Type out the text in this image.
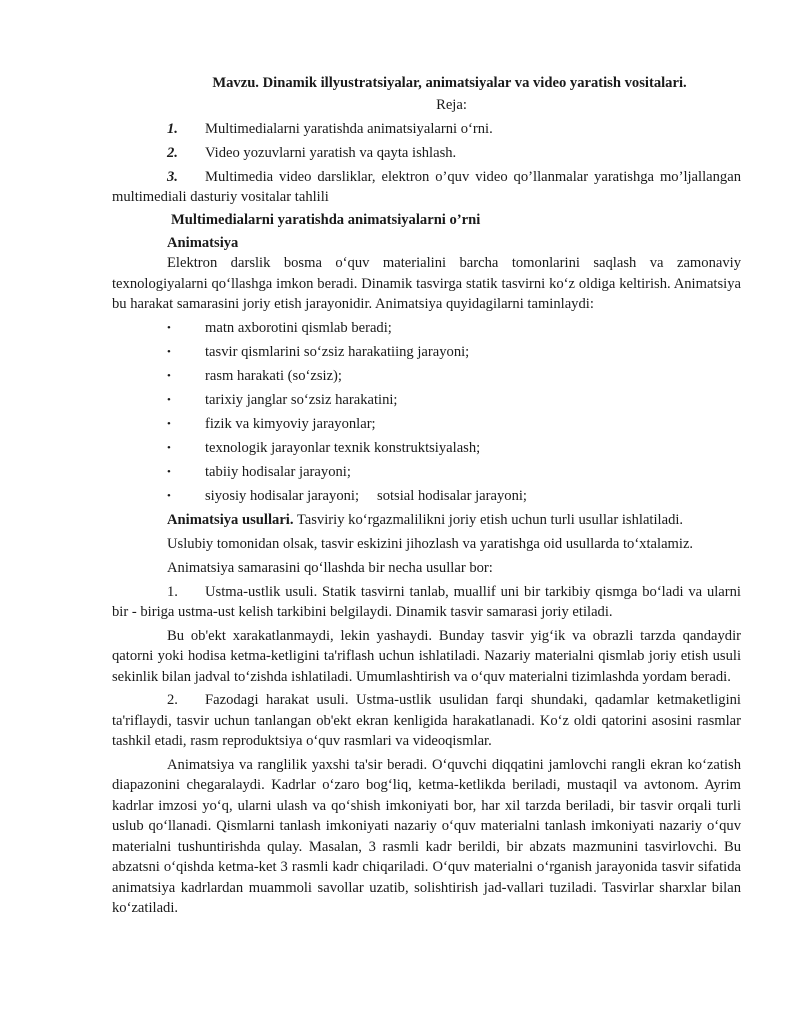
Mavzu. Dinamik illyustratsiyalar, animatsiyalar va video yaratish vositalari.

Reja:

1.	Multimedialarni yaratishda animatsiyalarni o‘rni.
2.	Video yozuvlarni yaratish va qayta ishlash.

3. Multimedia video darsliklar, elektron o’quv video qo’llanmalar yaratishga mo’ljallangan multimediali dasturiy vositalar tahlili

Multimedialarni yaratishda animatsiyalarni o’rni

Animatsiya

Elektron darslik bosma o‘quv materialini barcha tomonlarini saqlash va zamonaviy texnologiyalarni qo‘llashga imkon beradi. Dinamik tasvirga statik tasvirni ko‘z oldiga keltirish. Animatsiya bu harakat samarasini joriy etish jarayonidir. Animatsiya quyidagilarni taminlaydi:

•	matn axborotini qismlab beradi;
•	tasvir qismlarini so‘zsiz harakatiing jarayoni;
•	rasm harakati (so‘zsiz);
•	tarixiy janglar so‘zsiz harakatini;
•	fizik va kimyoviy jarayonlar;
•	texnologik jarayonlar texnik konstruktsiyalash;
•	tabiiy hodisalar jarayoni;
•	siyosiy hodisalar jarayoni; sotsial hodisalar jarayoni;

Animatsiya usullari. Tasviriy ko‘rgazmalilikni joriy etish uchun turli usullar ishlatiladi.

Uslubiy tomonidan olsak, tasvir eskizini jihozlash va yaratishga oid usullarda to‘xtalamiz.

Animatsiya samarasini qo‘llashda bir necha usullar bor:

1. Ustma-ustlik usuli. Statik tasvirni tanlab, muallif uni bir tarkibiy qismga bo‘ladi va ularni bir - biriga ustma-ust kelish tarkibini belgilaydi. Dinamik tasvir samarasi joriy etiladi.

Bu ob'ekt xarakatlanmaydi, lekin yashaydi. Bunday tasvir yig‘ik va obrazli tarzda qandaydir qatorni yoki hodisa ketma-ketligini ta'riflash uchun ishlatiladi. Nazariy materialni qismlab joriy etish usuli sekinlik bilan jadval to‘zishda ishlatiladi. Umumlashtirish va o‘quv materialni tizimlashda yordam beradi.

2. Fazodagi harakat usuli. Ustma-ustlik usulidan farqi shundaki, qadamlar ketmaketligini ta'riflaydi, tasvir uchun tanlangan ob'ekt ekran kenligida harakatlanadi. Ko‘z oldi qatorini asosini rasmlar tashkil etadi, rasm reproduktsiya o‘quv rasmlari va videoqismlar.

Animatsiya va ranglilik yaxshi ta'sir beradi. O‘quvchi diqqatini jamlovchi rangli ekran ko‘zatish diapazonini chegaralaydi. Kadrlar o‘zaro bog‘liq, ketma-ketlikda beriladi, mustaqil va avtonom. Ayrim kadrlar imzosi yo‘q, ularni ulash va qo‘shish imkoniyati bor, har xil tarzda beriladi, bir tasvir orqali turli uslub qo‘llanadi. Qismlarni tanlash imkoniyati nazariy o‘quv materialni tanlash imkoniyati nazariy o‘quv materialni tushuntirishda qulay. Masalan, 3 rasmli kadr berildi, bir abzats mazmunini tasvirlovchi. Bu abzatsni o‘qishda ketma-ket 3 rasmli kadr chiqariladi. O‘quv materialni o‘rganish jarayonida tasvir sifatida animatsiya kadrlardan muammoli savollar uzatib, solishtirish jad-vallari tuziladi. Tasvirlar sharxlar bilan ko‘zatiladi.
